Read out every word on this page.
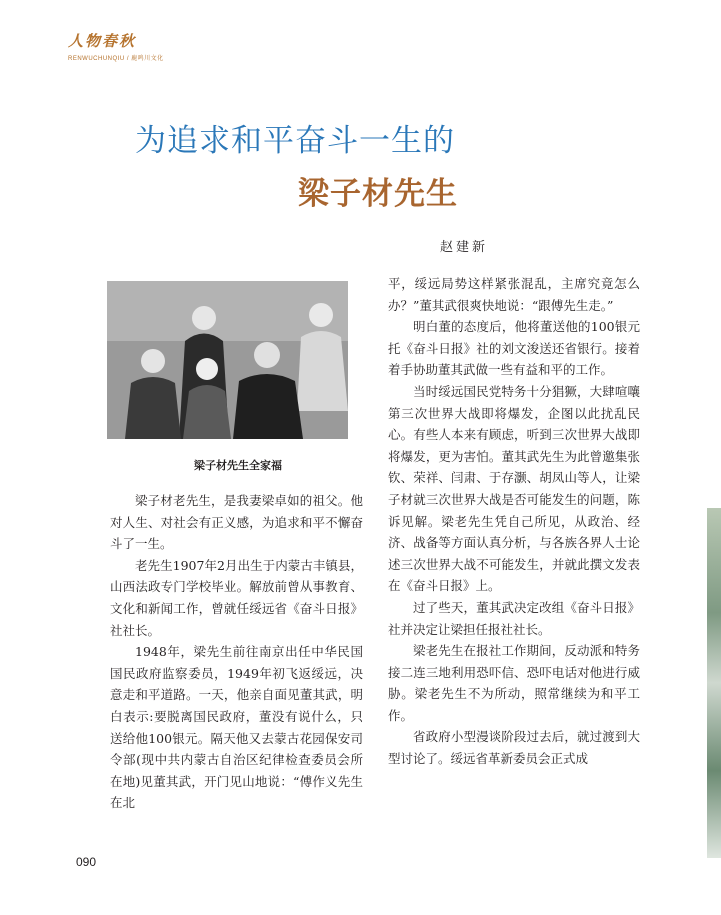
人物春秋
RENWUCHUNQIU / 鹿鸣川文化
为追求和平奋斗一生的
梁子材先生
赵建新
梁子材先生全家福

梁子材老先生，是我妻梁卓如的祖父。他对人生、对社会有正义感，为追求和平不懈奋斗了一生。

老先生1907年2月出生于内蒙古丰镇县，山西法政专门学校毕业。解放前曾从事教育、文化和新闻工作，曾就任绥远省《奋斗日报》社社长。

1948年，梁先生前往南京出任中华民国国民政府监察委员，1949年初飞返绥远，决意走和平道路。一天，他亲自面见董其武，明白表示:要脱离国民政府，董没有说什么，只送给他100银元。隔天他又去蒙古花园保安司令部(现中共内蒙古自治区纪律检查委员会所在地)见董其武，开门见山地说：“傅作义先生在北

平，绥远局势这样紧张混乱，主席究竟怎么办？”董其武很爽快地说：“跟傅先生走。”

明白董的态度后，他将董送他的100银元托《奋斗日报》社的刘文浚送还省银行。接着着手协助董其武做一些有益和平的工作。

当时绥远国民党特务十分猖獗，大肆喧嚷第三次世界大战即将爆发，企图以此扰乱民心。有些人本来有顾虑，听到三次世界大战即将爆发，更为害怕。董其武先生为此曾邀集张钦、荣祥、闫肃、于存灏、胡凤山等人，让梁子材就三次世界大战是否可能发生的问题，陈诉见解。梁老先生凭自己所见，从政治、经济、战备等方面认真分析，与各族各界人士论述三次世界大战不可能发生，并就此撰文发表在《奋斗日报》上。

过了些天，董其武决定改组《奋斗日报》社并决定让梁担任报社社长。

梁老先生在报社工作期间，反动派和特务接二连三地利用恐吓信、恐吓电话对他进行威胁。梁老先生不为所动，照常继续为和平工作。

省政府小型漫谈阶段过去后，就过渡到大型讨论了。绥远省革新委员会正式成

090
